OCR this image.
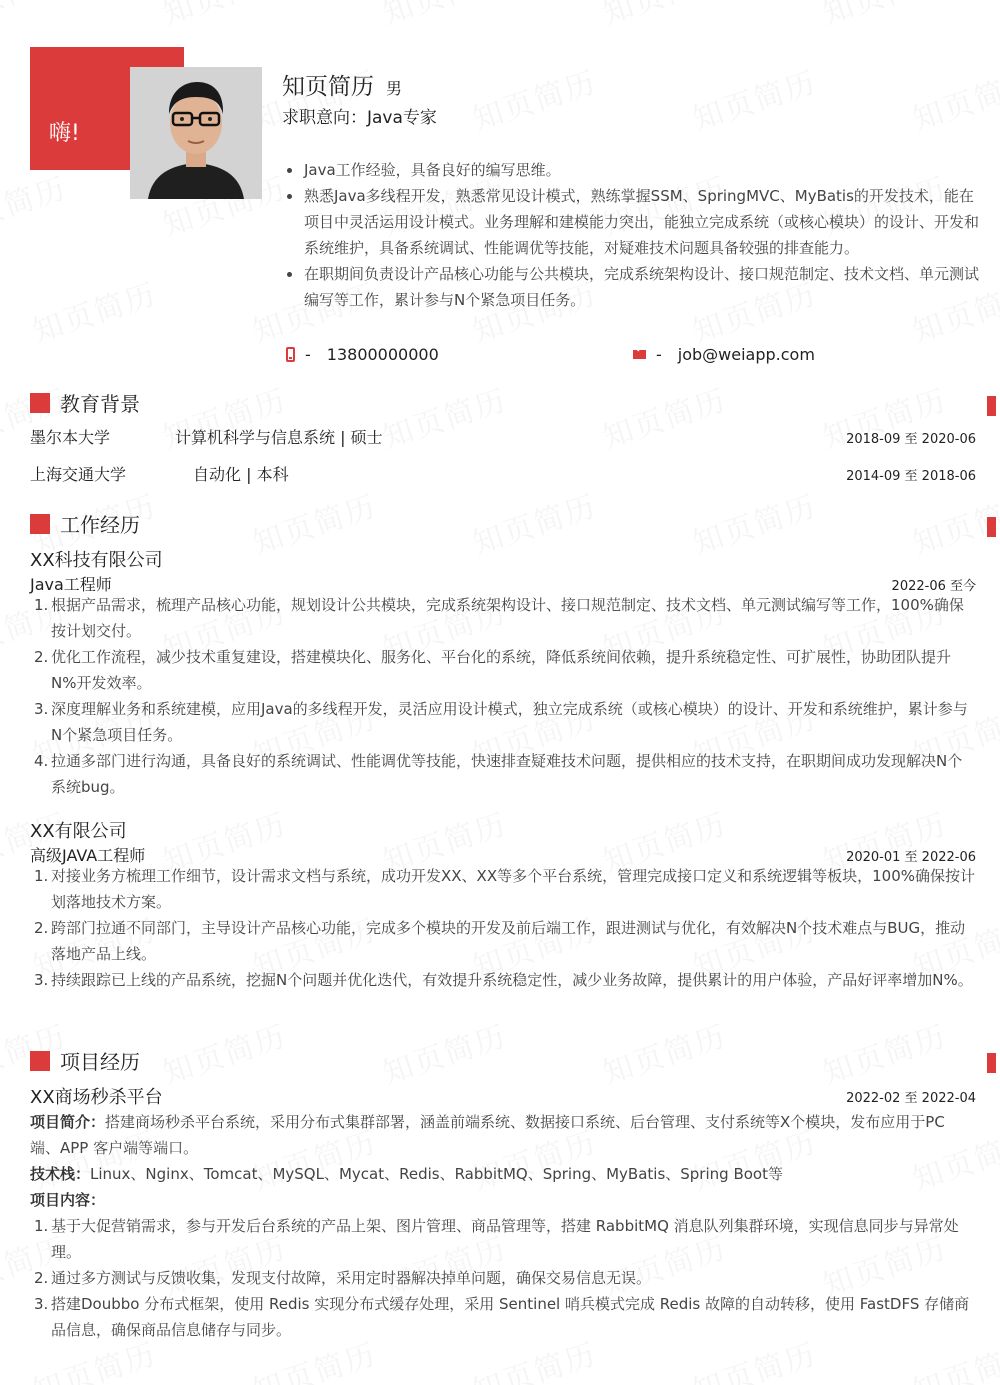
嗨!
知页简历 男
求职意向：Java专家
Java工作经验，具备良好的编写思维。
熟悉Java多线程开发，熟悉常见设计模式，熟练掌握SSM、SpringMVC、MyBatis的开发技术，能在项目中灵活运用设计模式。业务理解和建模能力突出，能独立完成系统（或核心模块）的设计、开发和系统维护，具备系统调试、性能调优等技能，对疑难技术问题具备较强的排查能力。
在职期间负责设计产品核心功能与公共模块，完成系统架构设计、接口规范制定、技术文档、单元测试编写等工作，累计参与N个紧急项目任务。
- 13800000000	- job@weiapp.com
教育背景
墨尔本大学	计算机科学与信息系统 | 硕士	2018-09 至 2020-06
上海交通大学	自动化 | 本科	2014-09 至 2018-06
工作经历
XX科技有限公司
Java工程师	2022-06 至今
1. 根据产品需求，梳理产品核心功能，规划设计公共模块，完成系统架构设计、接口规范制定、技术文档、单元测试编写等工作，100%确保按计划交付。
2. 优化工作流程，减少技术重复建设，搭建模块化、服务化、平台化的系统，降低系统间依赖，提升系统稳定性、可扩展性，协助团队提升N%开发效率。
3. 深度理解业务和系统建模，应用Java的多线程开发，灵活应用设计模式，独立完成系统（或核心模块）的设计、开发和系统维护，累计参与N个紧急项目任务。
4. 拉通多部门进行沟通，具备良好的系统调试、性能调优等技能，快速排查疑难技术问题，提供相应的技术支持，在职期间成功发现解决N个系统bug。
XX有限公司
高级JAVA工程师	2020-01 至 2022-06
1. 对接业务方梳理工作细节，设计需求文档与系统，成功开发XX、XX等多个平台系统，管理完成接口定义和系统逻辑等板块，100%确保按计划落地技术方案。
2. 跨部门拉通不同部门，主导设计产品核心功能，完成多个模块的开发及前后端工作，跟进测试与优化，有效解决N个技术难点与BUG，推动落地产品上线。
3. 持续跟踪已上线的产品系统，挖掘N个问题并优化迭代，有效提升系统稳定性，减少业务故障，提供累计的用户体验，产品好评率增加N%。
项目经历
XX商场秒杀平台	2022-02 至 2022-04
项目简介：搭建商场秒杀平台系统，采用分布式集群部署，涵盖前端系统、数据接口系统、后台管理、支付系统等X个模块，发布应用于PC 端、APP 客户端等端口。
技术栈：Linux、Nginx、Tomcat、MySQL、Mycat、Redis、RabbitMQ、Spring、MyBatis、Spring Boot等
项目内容：
1. 基于大促营销需求，参与开发后台系统的产品上架、图片管理、商品管理等，搭建 RabbitMQ 消息队列集群环境，实现信息同步与异常处理。
2. 通过多方测试与反馈收集，发现支付故障，采用定时器解决掉单问题，确保交易信息无误。
3. 搭建Doubbo 分布式框架，使用 Redis 实现分布式缓存处理，采用 Sentinel 哨兵模式完成 Redis 故障的自动转移，使用 FastDFS 存储商品信息，确保商品信息储存与同步。
